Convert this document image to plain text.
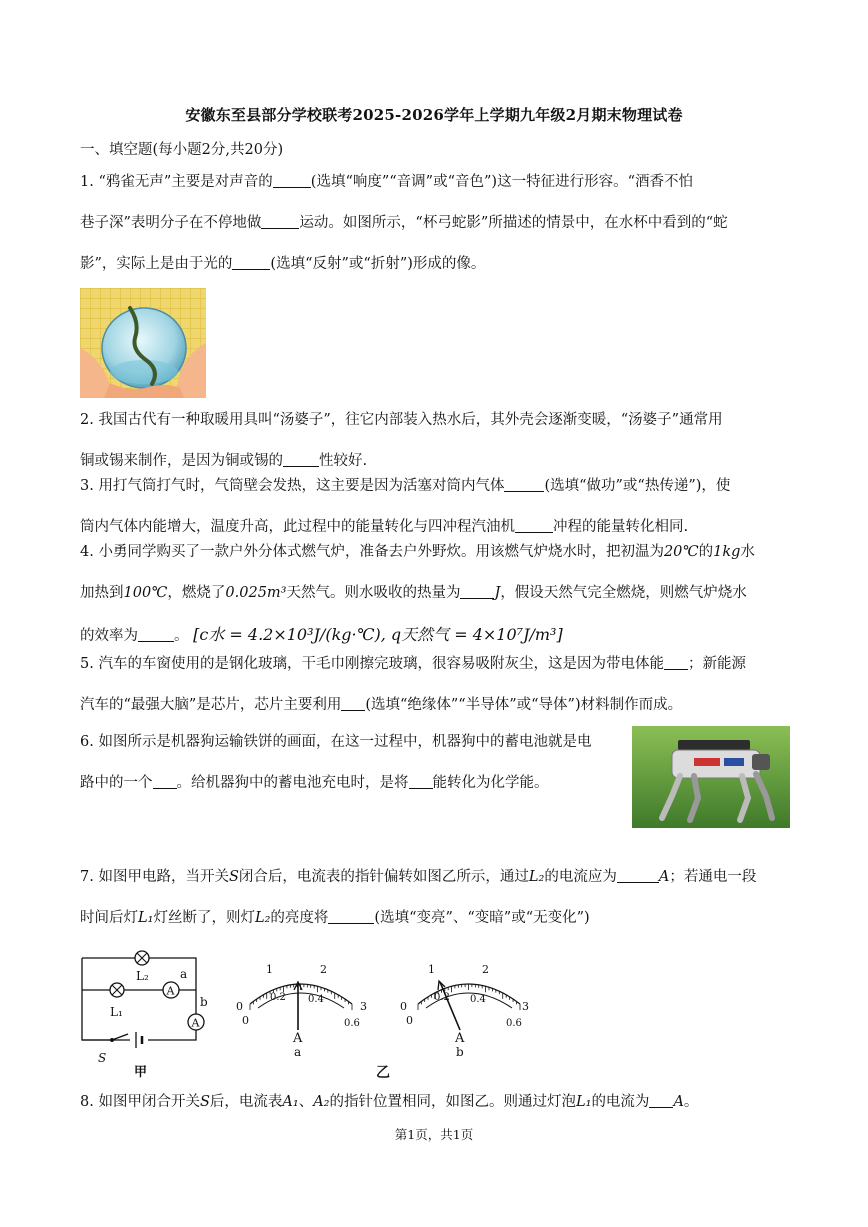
安徽东至县部分学校联考2025-2026学年上学期九年级2月期末物理试卷
一、填空题(每小题2分,共20分)
1. “鸦雀无声”主要是对声音的	(选填“响度”“音调”或“音色”)这一特征进行形容。“酒香不怕
巷子深”表明分子在不停地做	运动。如图所示，“杯弓蛇影”所描述的情景中，在水杯中看到的“蛇
影”，实际上是由于光的	(选填“反射”或“折射”)形成的像。
2. 我国古代有一种取暖用具叫“汤婆子”，往它内部装入热水后，其外壳会逐渐变暖，“汤婆子”通常用
铜或锡来制作，是因为铜或锡的 性较好.
3. 用打气筒打气时，气筒壁会发热，这主要是因为活塞对筒内气体	(选填“做功”或“热传递”)，使
筒内气体内能增大，温度升高，此过程中的能量转化与四冲程汽油机	冲程的能量转化相同.
4. 小勇同学购买了一款户外分体式燃气炉，准备去户外野炊。用该燃气炉烧水时，把初温为20℃的1kg水
加热到100℃，燃烧了0.025m³天然气。则水吸收的热量为 J，假设天然气完全燃烧，则燃气炉烧水
的效率为 。 [c水 = 4.2×10³J/(kg·℃), q天然气 = 4×10⁷J/m³]
5. 汽车的车窗使用的是钢化玻璃，干毛巾刚擦完玻璃，很容易吸附灰尘，这是因为带电体能 ；新能源
汽车的“最强大脑”是芯片，芯片主要利用 (选填“绝缘体”“半导体”或“导体”)材料制作而成。
6. 如图所示是机器狗运输铁饼的画面，在这一过程中，机器狗中的蓄电池就是电
路中的一个 。给机器狗中的蓄电池充电时，是将 能转化为化学能。
7. 如图甲电路，当开关S闭合后，电流表的指针偏转如图乙所示，通过L₂的电流应为	A；若通电一段
时间后灯L₁灯丝断了，则灯L₂的亮度将	(选填“变亮”、“变暗”或“无变化”)
L₂
L₁
A
a
A
b
S
甲
1	2
0	3
0.2 0.4
0	0.6
A
a
1	2
0	3
0.2 0.4
0	0.6
A
b
乙
8. 如图甲闭合开关S后，电流表A₁、A₂的指针位置相同，如图乙。则通过灯泡L₁的电流为 A。
第1页，共1页
